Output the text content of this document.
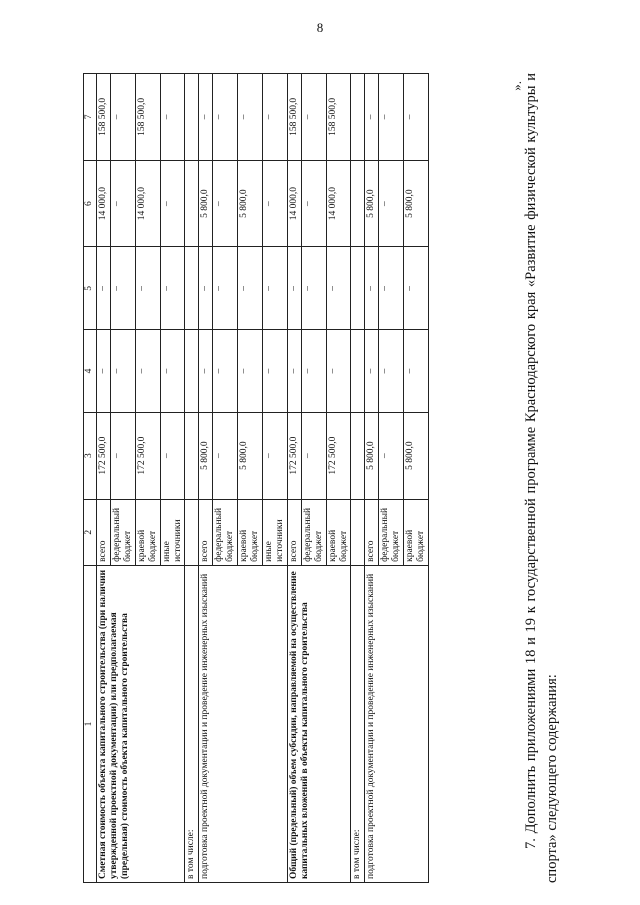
8
1	2	3	4	5	6	7
Сметная стоимость объекта капитального строительства (при наличии утвержденной проектной документации) или предполагаемая (предельная) стоимость объекта капитального строительства	всего	172 500,0	–	–	14 000,0	158 500,0
	федеральный бюджет	–	–	–	–	–
	краевой бюджет	172 500,0	–	–	14 000,0	158 500,0
	иные источники	–	–	–	–	–
в том числе:						
подготовка проектной документации и проведение инженерных изысканий	всего	5 800,0	–	–	5 800,0	–
	федеральный бюджет	–	–	–	–	–
	краевой бюджет	5 800,0	–	–	5 800,0	–
	иные источники	–	–	–	–	–
Общий (предельный) объем субсидии, направляемой на осуществление капитальных вложений в объекты капитального строительства	всего	172 500,0	–	–	14 000,0	158 500,0
	федеральный бюджет	–	–	–	–	–
	краевой бюджет	172 500,0	–	–	14 000,0	158 500,0
в том числе:						
подготовка проектной документации и проведение инженерных изысканий	всего	5 800,0	–	–	5 800,0	–
	федеральный бюджет	–	–	–	–	–
	краевой бюджет	5 800,0	–	–	5 800,0	–
». 7. Дополнить приложениями 18 и 19 к государственной программе Краснодарского края «Развитие физической культуры и спорта» следующего содержания:
